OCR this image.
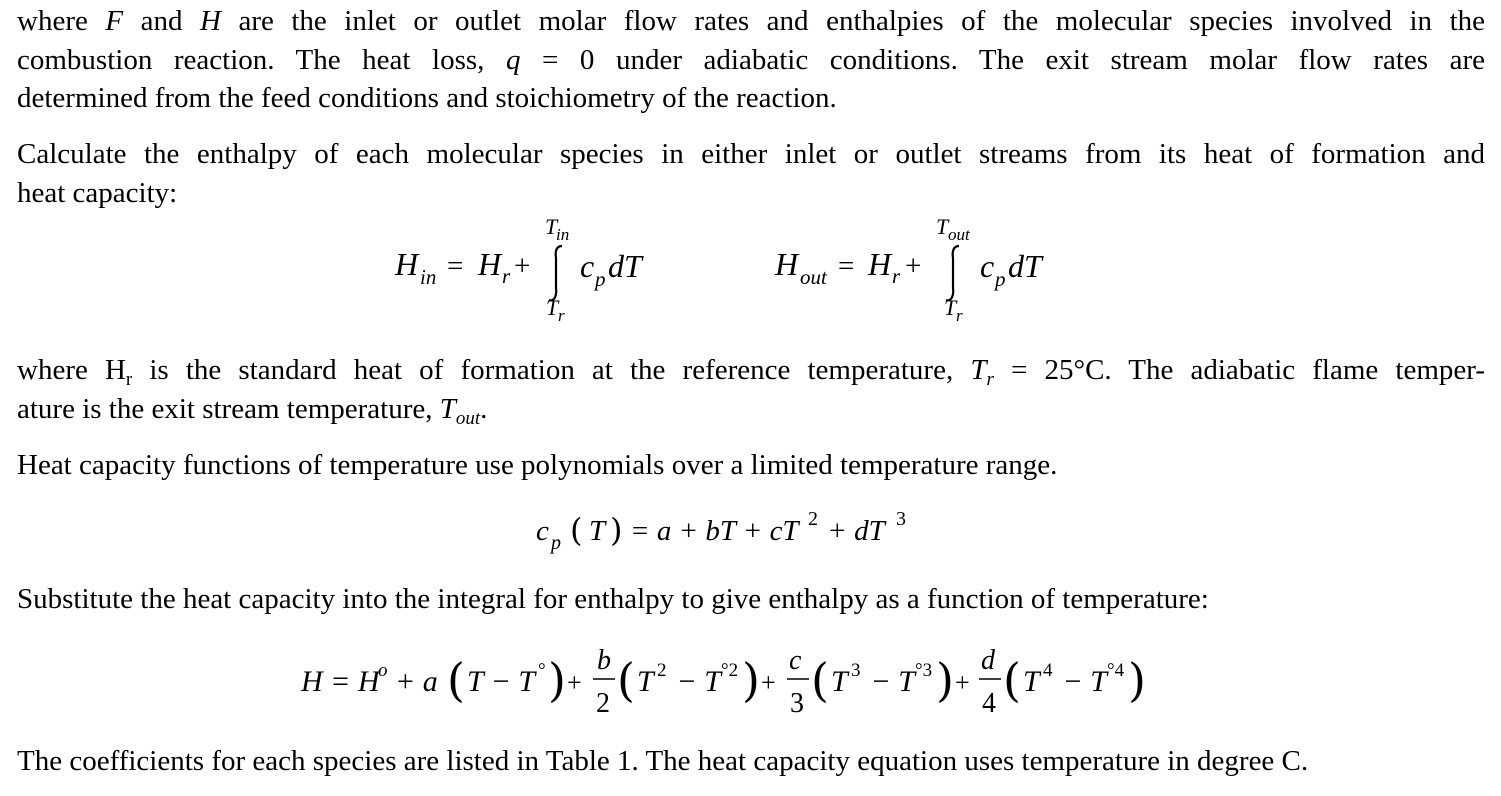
where F and H are the inlet or outlet molar flow rates and enthalpies of the molecular species involved in the
combustion reaction. The heat loss, q = 0 under adiabatic conditions. The exit stream molar flow rates are
determined from the feed conditions and stoichiometry of the reaction.
Calculate the enthalpy of each molecular species in either inlet or outlet streams from its heat of formation and
heat capacity:
T
in
H in = H r + c p dT
T r
T out
H out = H r + c p dT
T r
where $H_r$ is the standard heat of formation at the reference temperature, $T_r = 25^\circ C$. The adiabatic flame temper-
ature is the exit stream temperature, $T_{out}$.
Heat capacity functions of temperature use polynomials over a limited temperature range.
c p ( T ) = a + bT + cT 2 + dT 3
Substitute the heat capacity into the integral for enthalpy to give enthalpy as a function of temperature:
H = H
o + a ( T − T ° ) +
b
2 ( T 2 − T °2 ) +
c
3 ( T 3 − T °3 ) +
d
4 ( T 4 − T °4 )
The coefficients for each species are listed in Table 1. The heat capacity equation uses temperature in degree C.
